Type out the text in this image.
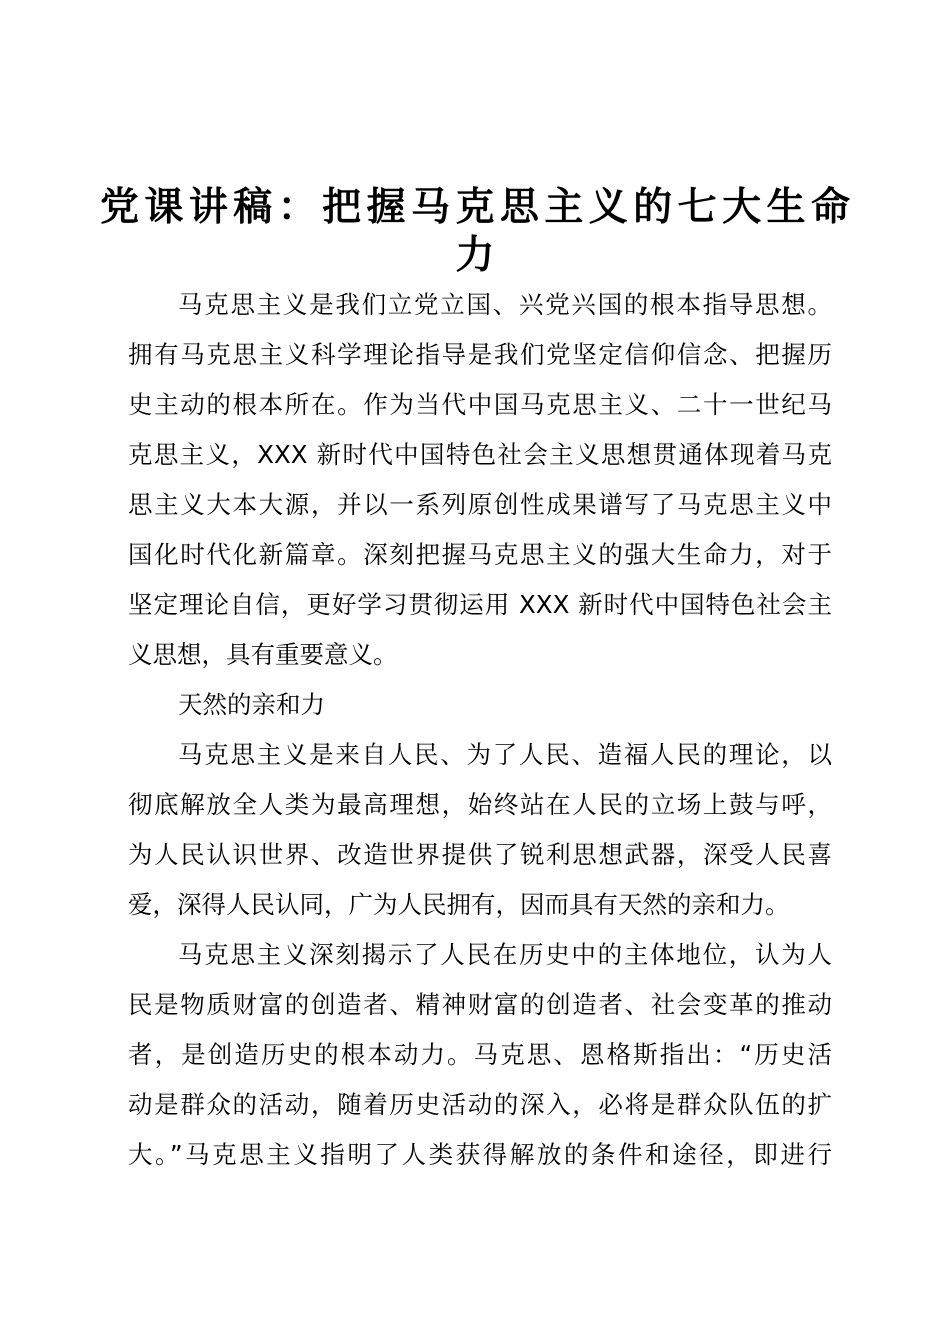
党课讲稿：把握马克思主义的七大生命
力
马克思主义是我们立党立国、兴党兴国的根本指导思想。
拥有马克思主义科学理论指导是我们党坚定信仰信念、把握历
史主动的根本所在。作为当代中国马克思主义、二十一世纪马
克思主义，XXX 新时代中国特色社会主义思想贯通体现着马克
思主义大本大源，并以一系列原创性成果谱写了马克思主义中
国化时代化新篇章。深刻把握马克思主义的强大生命力，对于
坚定理论自信，更好学习贯彻运用 XXX 新时代中国特色社会主
义思想，具有重要意义。
天然的亲和力
马克思主义是来自人民、为了人民、造福人民的理论，以
彻底解放全人类为最高理想，始终站在人民的立场上鼓与呼，
为人民认识世界、改造世界提供了锐利思想武器，深受人民喜
爱，深得人民认同，广为人民拥有，因而具有天然的亲和力。
马克思主义深刻揭示了人民在历史中的主体地位，认为人
民是物质财富的创造者、精神财富的创造者、社会变革的推动
者，是创造历史的根本动力。马克思、恩格斯指出：“历史活
动是群众的活动，随着历史活动的深入，必将是群众队伍的扩
大。”马克思主义指明了人类获得解放的条件和途径，即进行
